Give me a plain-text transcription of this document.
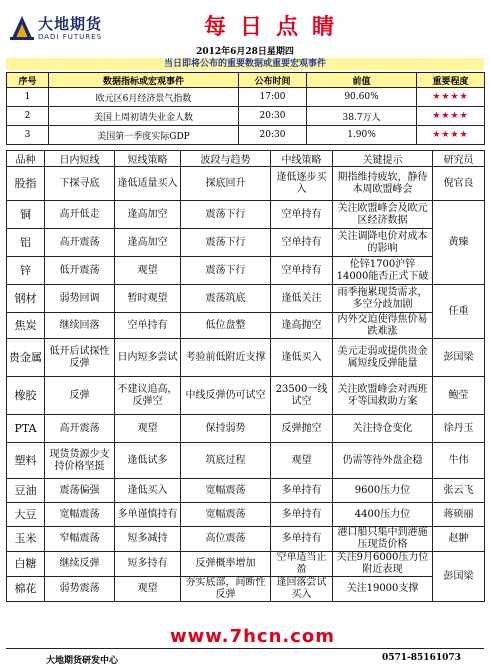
大地期货
DADI FUTURES	每日点睛
2012年6月28日星期四
当日即将公布的重要数据或重要宏观事件
序号	数据指标或宏观事件	公布时间	前值	重要程度
1	欧元区6月经济景气指数	17:00	90.60%	★★★★
2	美国上周初请失业金人数	20:30	38.7万人	★★★★
3	美国第一季度实际GDP	20:30	1.90%	★★★★
品种	日内短线	短线策略	波段与趋势	中线策略	关键提示	研究员
股指	下探寻底	逢低适量买入	探底回升	逢低逐步买入	期指维持疲软，静待本周欧盟峰会	倪官良
铜	高开低走	逢高加空	震荡下行	空单持有	关注欧盟峰会及欧元区经济数据	黄臻
铝	高开震荡	逢高加空	震荡下行	空单持有	关注调降电价对成本的影响	
锌	低开震荡	观望	震荡下行	空单持有	伦锌1700沪锌14000能否正式下破	
钢材	弱势回调	暂时观望	震荡筑底	逢低关注	雨季拖累现货需求，多空分歧加剧	任重
焦炭	继续回落	空单持有	低位盘整	逢高抛空	内外交迫使得焦价易跌难涨	
贵金属	低开后试探性反弹	日内短多尝试	考验前低附近支撑	逢低买入	美元走弱或提供贵金属短线反弹能量	彭国梁
橡胶	反弹	不建议追高，反弹空	中线反弹仍可试空	23500一线试空	关注欧盟峰会对西班牙等国救助方案	鲍莹
PTA	高开震荡	观望	保持弱势	反弹抛空	关注持仓变化	徐丹玉
塑料	现货货源少支持价格坚挺	逢低试多	筑底过程	观望	仍需等待外盘企稳	牛伟
豆油	震荡偏强	逢低买入	宽幅震荡	多单持有	9600压力位	张云飞
大豆	宽幅震荡	多单谨慎持有	宽幅震荡	多单持有	4400压力位	蒋硕丽
玉米	窄幅震荡	短多减持	高位震荡	多单持有	港口船只集中到港施压现货价格	赵翀
白糖	继续反弹	短多持有	反弹概率增加	空单适当止盈	关注9月6000压力位附近表现	彭国梁
棉花	弱势震荡	观望	夯实底部，间断性反弹	逢回落尝试买入	关注19000支撑	
www.7hcn.com
大地期货研发中心	0571-85161073
